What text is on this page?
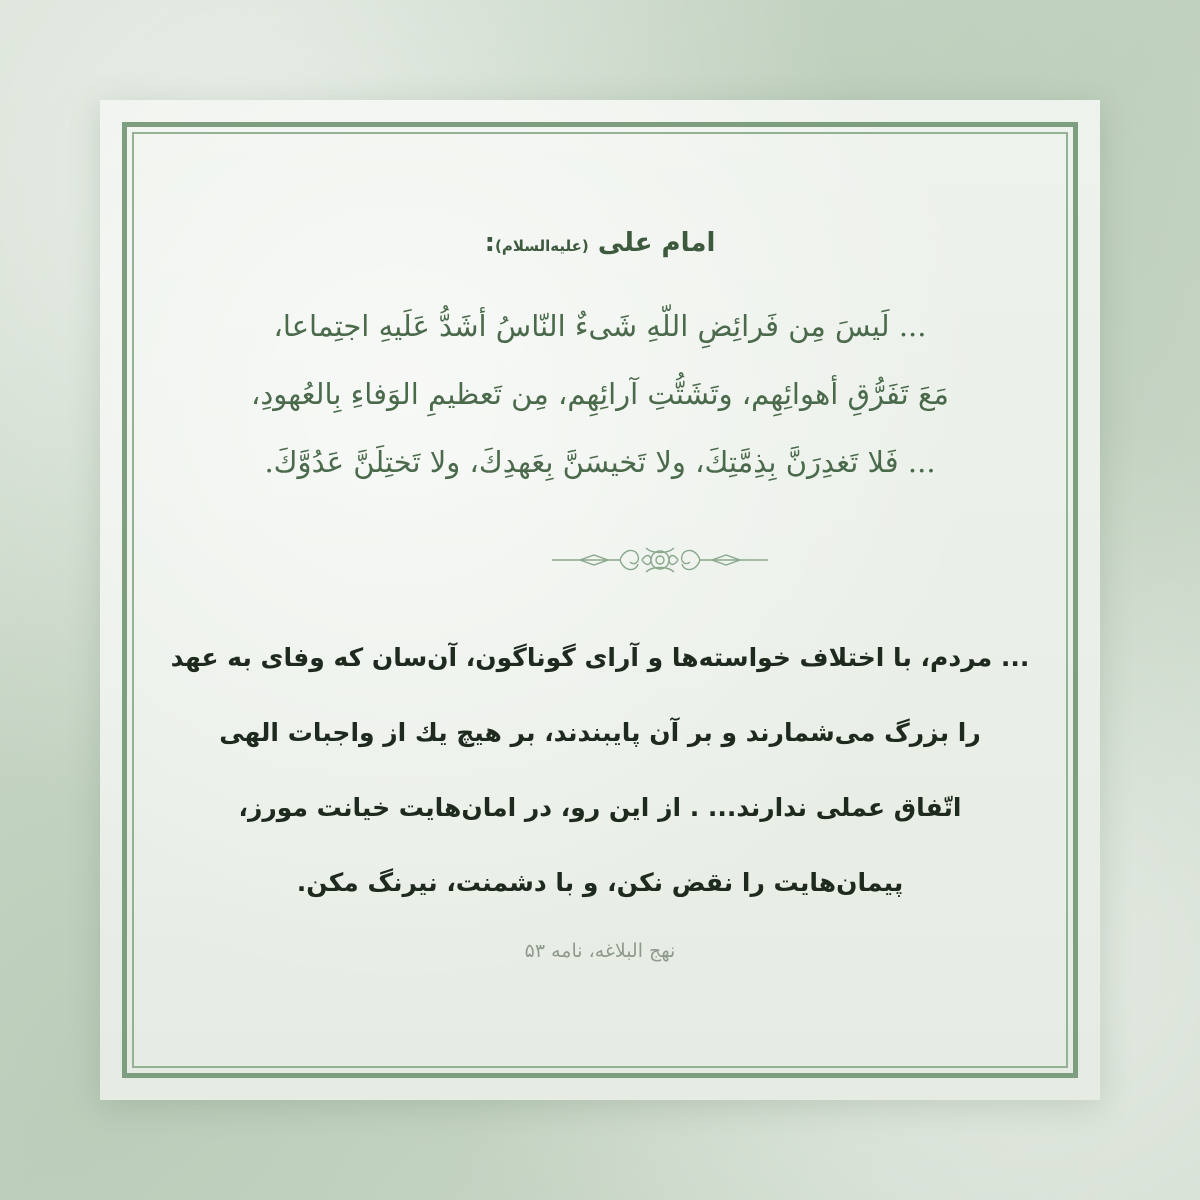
امام علی (علیه‌السلام):
... لَیسَ مِن فَرائِضِ اللّهِ شَیءٌ النّاسُ أشَدُّ عَلَیهِ اجتِماعا،
مَعَ تَفَرُّقِ أهوائِهِم، وتَشَتُّتِ آرائِهِم، مِن تَعظیمِ الوَفاءِ بِالعُهودِ،
... فَلا تَغدِرَنَّ بِذِمَّتِكَ، ولا تَخیسَنَّ بِعَهدِكَ، ولا تَختِلَنَّ عَدُوَّكَ.
... مردم، با اختلاف خواسته‌ها و آرای گوناگون، آن‌سان که وفای به عهد
را بزرگ می‌شمارند و بر آن پایبندند، بر هیچ یك از واجبات الهی
اتّفاق عملی ندارند... . از این رو، در امان‌هایت خیانت مورز،
پیمان‌هایت را نقض نکن، و با دشمنت، نیرنگ مکن.
نهج البلاغه، نامه ۵۳
